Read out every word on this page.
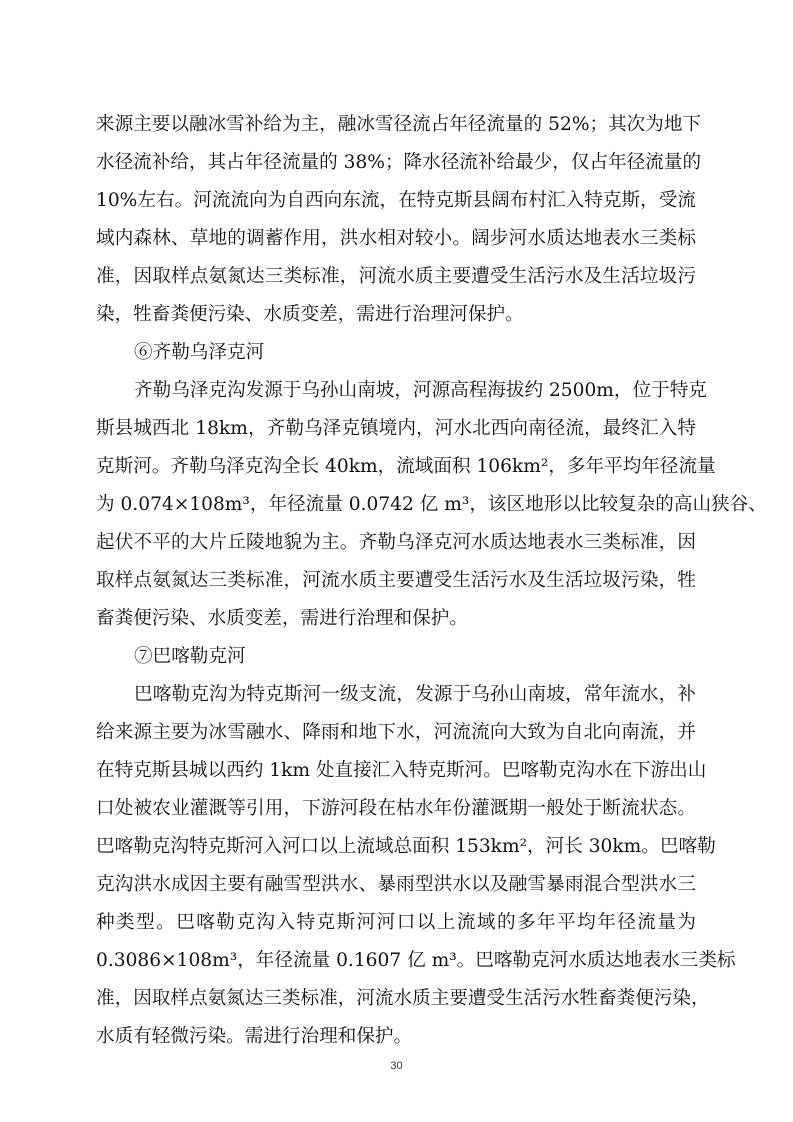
来源主要以融冰雪补给为主，融冰雪径流占年径流量的 52%；其次为地下
水径流补给，其占年径流量的 38%；降水径流补给最少，仅占年径流量的
10%左右。河流流向为自西向东流，在特克斯县阔布村汇入特克斯，受流
域内森林、草地的调蓄作用，洪水相对较小。阔步河水质达地表水三类标
准，因取样点氨氮达三类标准，河流水质主要遭受生活污水及生活垃圾污
染，牲畜粪便污染、水质变差，需进行治理河保护。
⑥齐勒乌泽克河
齐勒乌泽克沟发源于乌孙山南坡，河源高程海拔约 2500m，位于特克
斯县城西北 18km，齐勒乌泽克镇境内，河水北西向南径流，最终汇入特
克斯河。齐勒乌泽克沟全长 40km，流域面积 106km²，多年平均年径流量
为 0.074×108m³，年径流量 0.0742 亿 m³，该区地形以比较复杂的高山狭谷、
起伏不平的大片丘陵地貌为主。齐勒乌泽克河水质达地表水三类标准，因
取样点氨氮达三类标准，河流水质主要遭受生活污水及生活垃圾污染，牲
畜粪便污染、水质变差，需进行治理和保护。
⑦巴喀勒克河
巴喀勒克沟为特克斯河一级支流，发源于乌孙山南坡，常年流水，补
给来源主要为冰雪融水、降雨和地下水，河流流向大致为自北向南流，并
在特克斯县城以西约 1km 处直接汇入特克斯河。巴喀勒克沟水在下游出山
口处被农业灌溉等引用，下游河段在枯水年份灌溉期一般处于断流状态。
巴喀勒克沟特克斯河入河口以上流域总面积 153km²，河长 30km。巴喀勒
克沟洪水成因主要有融雪型洪水、暴雨型洪水以及融雪暴雨混合型洪水三
种类型。巴喀勒克沟入特克斯河河口以上流域的多年平均年径流量为
0.3086×108m³，年径流量 0.1607 亿 m³。巴喀勒克河水质达地表水三类标
准，因取样点氨氮达三类标准，河流水质主要遭受生活污水牲畜粪便污染，
水质有轻微污染。需进行治理和保护。
30
